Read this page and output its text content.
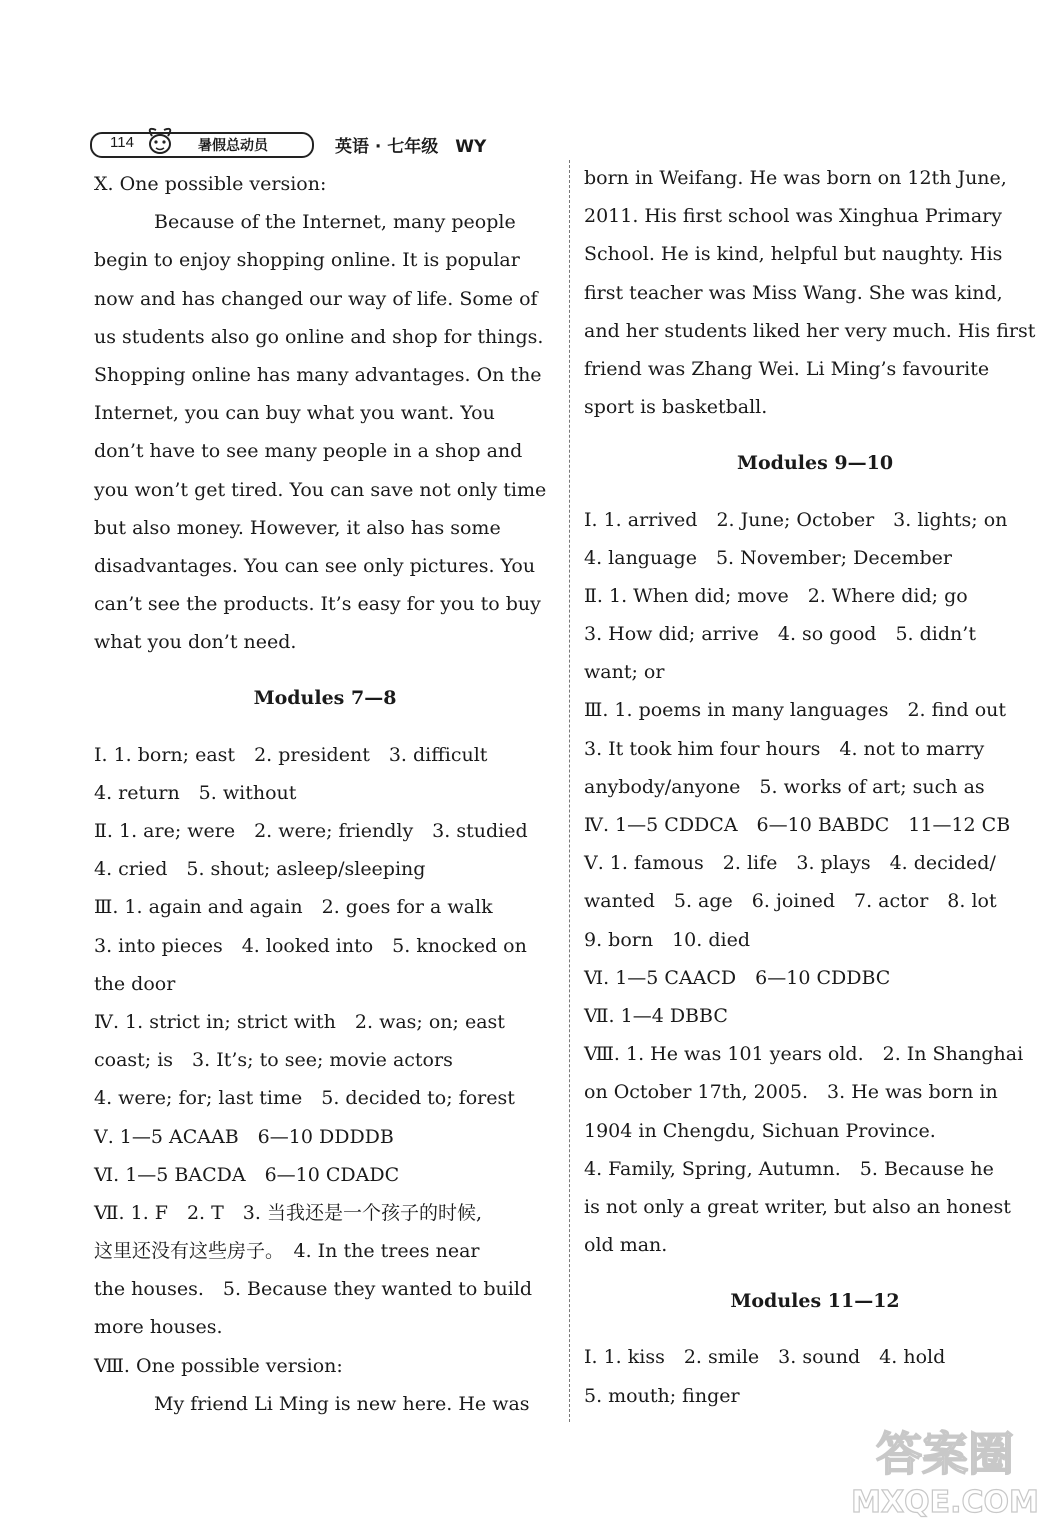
114	暑假总动员	英语 · 七年级　WY

Ⅹ. One possible version:

Because of the Internet, many people

begin to enjoy shopping online. It is popular

now and has changed our way of life. Some of

us students also go online and shop for things.

Shopping online has many advantages. On the

Internet, you can buy what you want. You

don’t have to see many people in a shop and

you won’t get tired. You can save not only time

but also money. However, it also has some

disadvantages. You can see only pictures. You

can’t see the products. It’s easy for you to buy

what you don’t need.

Modules 7—8

Ⅰ. 1. born; east　2. president　3. difficult

4. return　5. without

Ⅱ. 1. are; were　2. were; friendly　3. studied

4. cried　5. shout; asleep/sleeping

Ⅲ. 1. again and again　2. goes for a walk

3. into pieces　4. looked into　5. knocked on

the door

Ⅳ. 1. strict in; strict with　2. was; on; east

coast; is　3. It’s; to see; movie actors

4. were; for; last time　5. decided to; forest

Ⅴ. 1—5 ACAAB　6—10 DDDDB

Ⅵ. 1—5 BACDA　6—10 CDADC

Ⅶ. 1. F　2. T　3. 当我还是一个孩子的时候,

这里还没有这些房子。　4. In the trees near

the houses.　5. Because they wanted to build

more houses.

Ⅷ. One possible version:

My friend Li Ming is new here. He was

born in Weifang. He was born on 12th June,

2011. His first school was Xinghua Primary

School. He is kind, helpful but naughty. His

first teacher was Miss Wang. She was kind,

and her students liked her very much. His first

friend was Zhang Wei. Li Ming’s favourite

sport is basketball.

Modules 9—10

Ⅰ. 1. arrived　2. June; October　3. lights; on

4. language　5. November; December

Ⅱ. 1. When did; move　2. Where did; go

3. How did; arrive　4. so good　5. didn’t

want; or

Ⅲ. 1. poems in many languages　2. find out

3. It took him four hours　4. not to marry

anybody/anyone　5. works of art; such as

Ⅳ. 1—5 CDDCA　6—10 BABDC　11—12 CB

Ⅴ. 1. famous　2. life　3. plays　4. decided/

wanted　5. age　6. joined　7. actor　8. lot

9. born　10. died

Ⅵ. 1—5 CAACD　6—10 CDDBC

Ⅶ. 1—4 DBBC

Ⅷ. 1. He was 101 years old.　2. In Shanghai

on October 17th, 2005.　3. He was born in

1904 in Chengdu, Sichuan Province.

4. Family, Spring, Autumn.　5. Because he

is not only a great writer, but also an honest

old man.

Modules 11—12

Ⅰ. 1. kiss　2. smile　3. sound　4. hold

5. mouth; finger

答案圈
MXQE.COM
